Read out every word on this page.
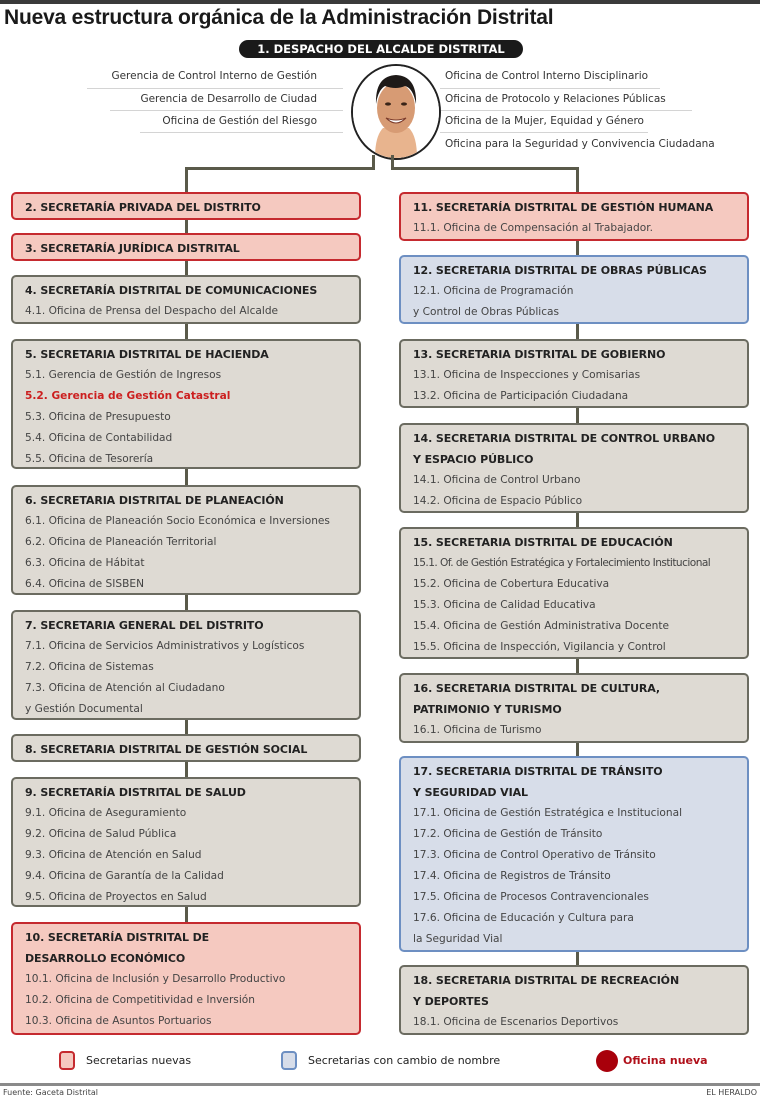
Nueva estructura orgánica de la Administración Distrital
1. DESPACHO DEL ALCALDE DISTRITAL
Gerencia de Control Interno de Gestión
Gerencia de Desarrollo de Ciudad
Oficina de Gestión del Riesgo
Oficina de Control Interno Disciplinario
Oficina de Protocolo y Relaciones Públicas
Oficina de la Mujer, Equidad y Género
Oficina para la Seguridad y Convivencia Ciudadana
2. SECRETARÍA PRIVADA DEL DISTRITO
3. SECRETARÍA JURÍDICA DISTRITAL
4. SECRETARÍA DISTRITAL DE COMUNICACIONES
4.1. Oficina de Prensa del Despacho del Alcalde
5. SECRETARIA DISTRITAL DE HACIENDA
5.1. Gerencia de Gestión de Ingresos
5.2. Gerencia de Gestión Catastral
5.3. Oficina de Presupuesto
5.4. Oficina de Contabilidad
5.5. Oficina de Tesorería
6. SECRETARIA DISTRITAL DE PLANEACIÓN
6.1. Oficina de Planeación Socio Económica e Inversiones
6.2. Oficina de Planeación Territorial
6.3. Oficina de Hábitat
6.4. Oficina de SISBEN
7. SECRETARIA GENERAL DEL DISTRITO
7.1. Oficina de Servicios Administrativos y Logísticos
7.2. Oficina de Sistemas
7.3. Oficina de Atención al Ciudadano
y Gestión Documental
8. SECRETARIA DISTRITAL DE GESTIÓN SOCIAL
9. SECRETARÍA DISTRITAL DE SALUD
9.1. Oficina de Aseguramiento
9.2. Oficina de Salud Pública
9.3. Oficina de Atención en Salud
9.4. Oficina de Garantía de la Calidad
9.5. Oficina de Proyectos en Salud
10. SECRETARÍA DISTRITAL DE
DESARROLLO ECONÓMICO
10.1. Oficina de Inclusión y Desarrollo Productivo
10.2. Oficina de Competitividad e Inversión
10.3. Oficina de Asuntos Portuarios
11. SECRETARÍA DISTRITAL DE GESTIÓN HUMANA
11.1. Oficina de Compensación al Trabajador.
12. SECRETARIA DISTRITAL DE OBRAS PÚBLICAS
12.1. Oficina de Programación
y Control de Obras Públicas
13. SECRETARIA DISTRITAL DE GOBIERNO
13.1. Oficina de Inspecciones y Comisarias
13.2. Oficina de Participación Ciudadana
14. SECRETARIA DISTRITAL DE CONTROL URBANO
Y ESPACIO PÚBLICO
14.1. Oficina de Control Urbano
14.2. Oficina de Espacio Público
15. SECRETARIA DISTRITAL DE EDUCACIÓN
15.1. Of. de Gestión Estratégica y Fortalecimiento Institucional
15.2. Oficina de Cobertura Educativa
15.3. Oficina de Calidad Educativa
15.4. Oficina de Gestión Administrativa Docente
15.5. Oficina de Inspección, Vigilancia y Control
16. SECRETARIA DISTRITAL DE CULTURA,
PATRIMONIO Y TURISMO
16.1. Oficina de Turismo
17. SECRETARIA DISTRITAL DE TRÁNSITO
Y SEGURIDAD VIAL
17.1. Oficina de Gestión Estratégica e Institucional
17.2. Oficina de Gestión de Tránsito
17.3. Oficina de Control Operativo de Tránsito
17.4. Oficina de Registros de Tránsito
17.5. Oficina de Procesos Contravencionales
17.6. Oficina de Educación y Cultura para
la Seguridad Vial
18. SECRETARIA DISTRITAL DE RECREACIÓN
Y DEPORTES
18.1. Oficina de Escenarios Deportivos
Secretarias nuevas	Secretarias con cambio de nombre	Oficina nueva
Fuente: Gaceta Distrital	EL HERALDO
